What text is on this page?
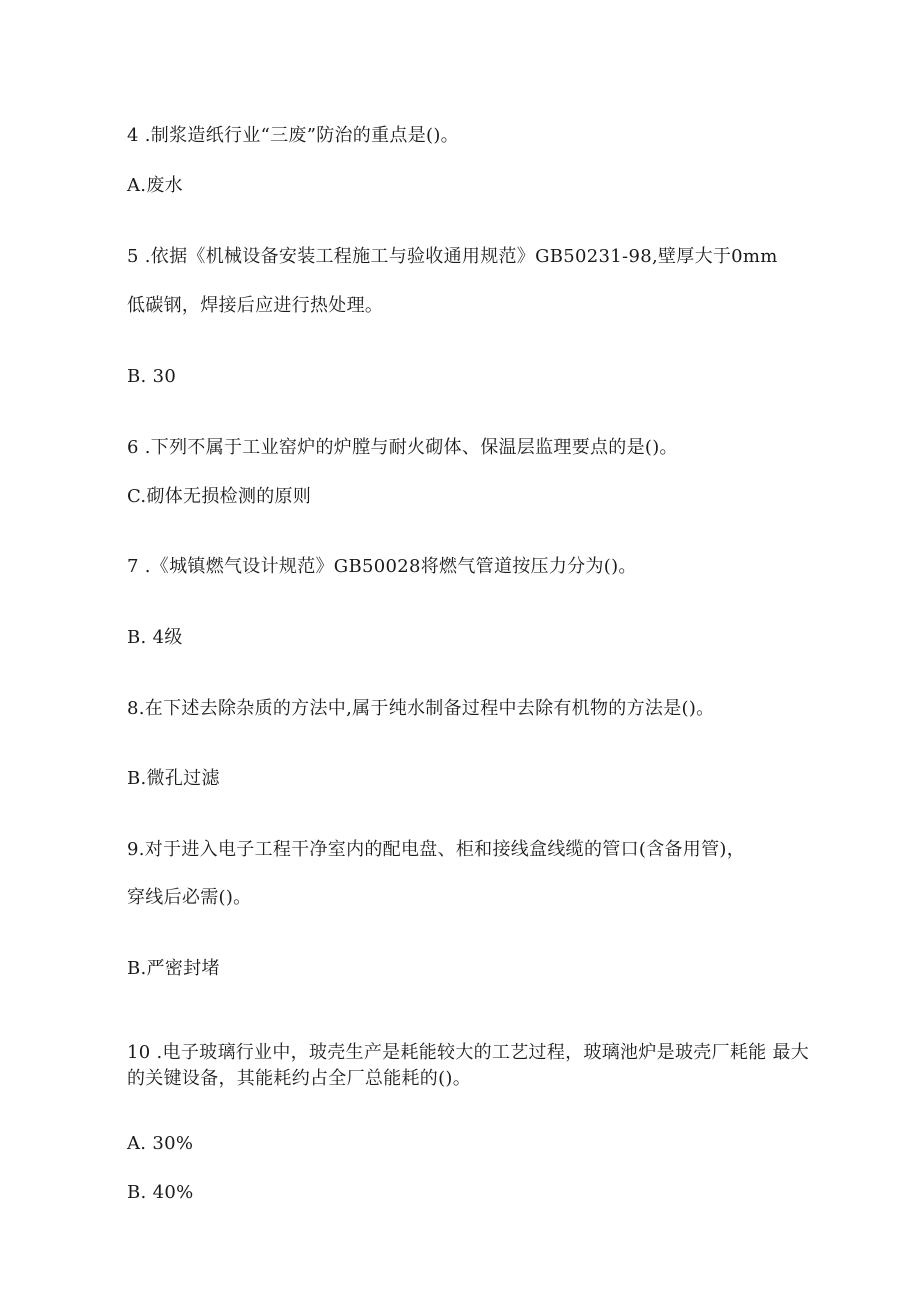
4 .制浆造纸行业“三废”防治的重点是()。
A.废水
5 .依据《机械设备安装工程施工与验收通用规范》GB50231-98,壁厚大于0mm
低碳钢，焊接后应进行热处理。
B. 30
6 .下列不属于工业窑炉的炉膛与耐火砌体、保温层监理要点的是()。
C.砌体无损检测的原则
7 .《城镇燃气设计规范》GB50028将燃气管道按压力分为()。
B. 4级
8.在下述去除杂质的方法中,属于纯水制备过程中去除有机物的方法是()。
B.微孔过滤
9.对于进入电子工程干净室内的配电盘、柜和接线盒线缆的管口(含备用管)，
穿线后必需()。
B.严密封堵
10 .电子玻璃行业中，玻壳生产是耗能较大的工艺过程，玻璃池炉是玻壳厂耗能 最大的关键设备，其能耗约占全厂总能耗的()。
A. 30%
B. 40%
